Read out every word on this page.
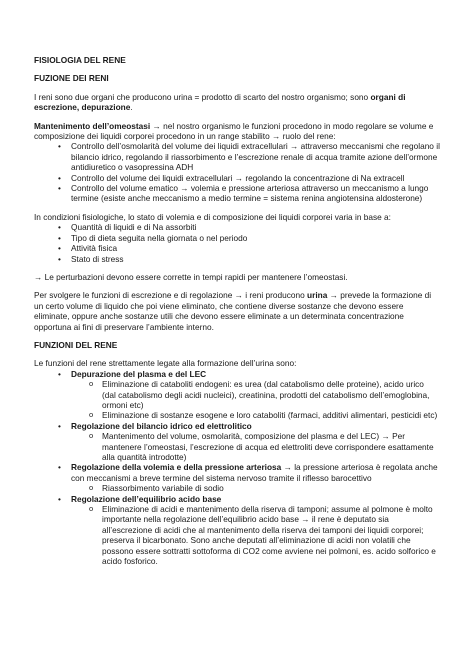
FISIOLOGIA DEL RENE

FUZIONE DEI RENI

I reni sono due organi che producono urina = prodotto di scarto del nostro organismo; sono organi di escrezione, depurazione.

Mantenimento dell’omeostasi → nel nostro organismo le funzioni procedono in modo regolare se volume e composizione dei liquidi corporei procedono in un range stabilito → ruolo del rene:

• Controllo dell’osmolarità del volume dei liquidi extracellulari → attraverso meccanismi che regolano il bilancio idrico, regolando il riassorbimento e l’escrezione renale di acqua tramite azione dell’ormone antidiuretico o vasopressina ADH
• Controllo del volume dei liquidi extracellulari → regolando la concentrazione di Na extracell
• Controllo del volume ematico → volemia e pressione arteriosa attraverso un meccanismo a lungo termine (esiste anche meccanismo a medio termine = sistema renina angiotensina aldosterone)

In condizioni fisiologiche, lo stato di volemia e di composizione dei liquidi corporei varia in base a:

• Quantità di liquidi e di Na assorbiti
• Tipo di dieta seguita nella giornata o nel periodo
• Attività fisica
• Stato di stress

→ Le perturbazioni devono essere corrette in tempi rapidi per mantenere l’omeostasi.

Per svolgere le funzioni di escrezione e di regolazione → i reni producono urina → prevede la formazione di un certo volume di liquido che poi viene eliminato, che contiene diverse sostanze che devono essere eliminate, oppure anche sostanze utili che devono essere eliminate a un determinata concentrazione opportuna ai fini di preservare l’ambiente interno.

FUNZIONI DEL RENE

Le funzioni del rene strettamente legate alla formazione dell’urina sono:

• Depurazione del plasma e del LEC
o Eliminazione di cataboliti endogeni: es urea (dal catabolismo delle proteine), acido urico (dal catabolismo degli acidi nucleici), creatinina, prodotti del catabolismo dell’emoglobina, ormoni etc)
o Eliminazione di sostanze esogene e loro cataboliti (farmaci, additivi alimentari, pesticidi etc)
• Regolazione del bilancio idrico ed elettrolitico
o Mantenimento del volume, osmolarità, composizione del plasma e del LEC) → Per mantenere l’omeostasi, l’escrezione di acqua ed elettroliti deve corrispondere esattamente alla quantità introdotte)
• Regolazione della volemia e della pressione arteriosa → la pressione arteriosa è regolata anche con meccanismi a breve termine del sistema nervoso tramite il riflesso barocettivo
o Riassorbimento variabile di sodio
• Regolazione dell’equilibrio acido base
o Eliminazione di acidi e mantenimento della riserva di tamponi; assume al polmone è molto importante nella regolazione dell’equilibrio acido base → il rene è deputato sia all’escrezione di acidi che al mantenimento della riserva dei tamponi dei liquidi corporei; preserva il bicarbonato. Sono anche deputati all’eliminazione di acidi non volatili che possono essere sottratti sottoforma di CO2 come avviene nei polmoni, es. acido solforico e acido fosforico.
